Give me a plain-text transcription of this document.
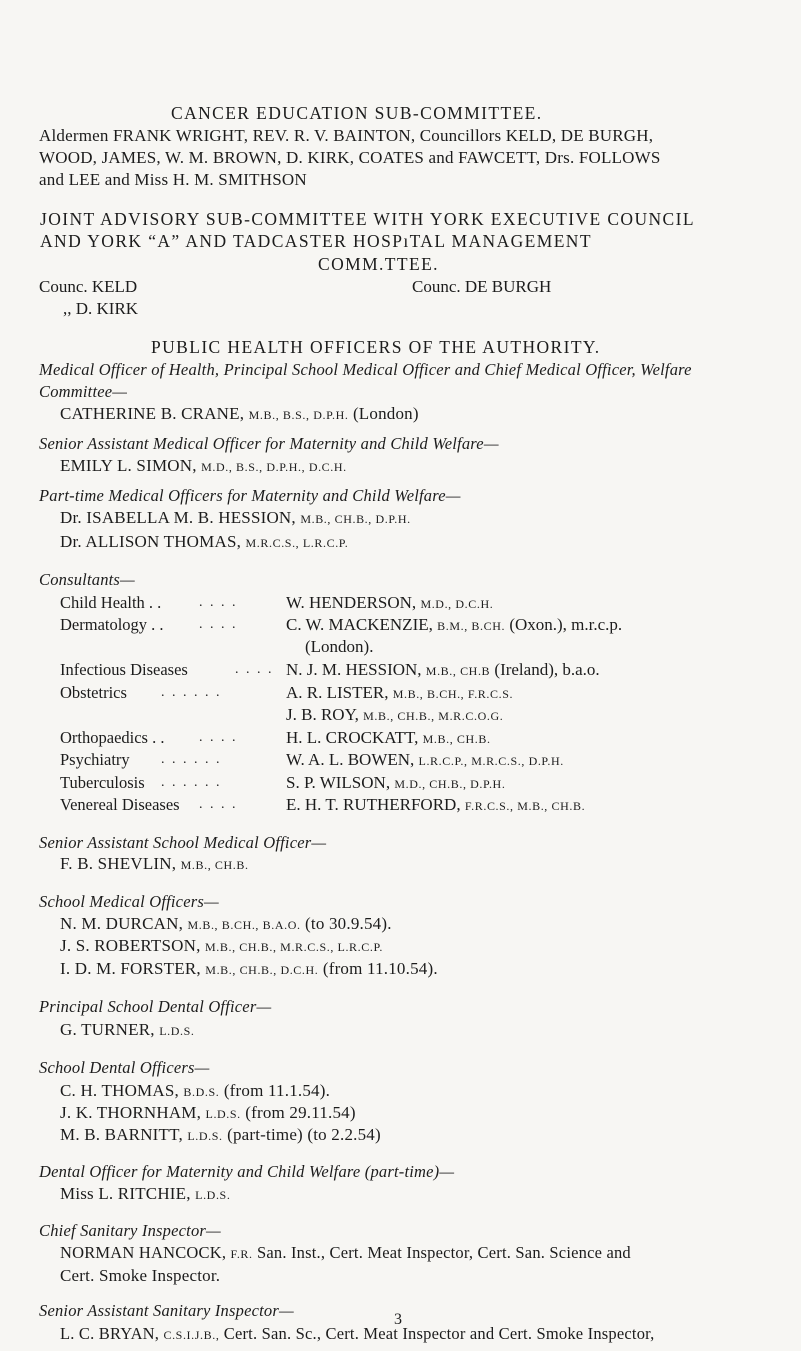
CANCER EDUCATION SUB-COMMITTEE.
Aldermen FRANK WRIGHT, REV. R. V. BAINTON, Councillors KELD, DE BURGH,
WOOD, JAMES, W. M. BROWN, D. KIRK, COATES and FAWCETT, Drs. FOLLOWS
and LEE and Miss H. M. SMITHSON
JOINT ADVISORY SUB-COMMITTEE WITH YORK EXECUTIVE COUNCIL
AND YORK “A” AND TADCASTER HOSPıTAL MANAGEMENT
COMM.TTEE.
Counc. KELD	Counc. DE BURGH
,, D. KIRK
PUBLIC HEALTH OFFICERS OF THE AUTHORITY.
Medical Officer of Health, Principal School Medical Officer and Chief Medical Officer, Welfare
Committee—
CATHERINE B. CRANE, M.B., B.S., D.P.H. (London)
Senior Assistant Medical Officer for Maternity and Child Welfare—
EMILY L. SIMON, M.D., B.S., D.P.H., D.C.H.
Part-time Medical Officers for Maternity and Child Welfare—
Dr. ISABELLA M. B. HESSION, M.B., CH.B., D.P.H.
Dr. ALLISON THOMAS, M.R.C.S., L.R.C.P.
Consultants—
Child Health . .	. . . .	W. HENDERSON, M.D., D.C.H.
Dermatology . .	. . . .	C. W. MACKENZIE, B.M., B.CH. (Oxon.), m.r.c.p.
(London).
Infectious Diseases	. . . . N. J. M. HESSION, M.B., CH.B (Ireland), b.a.o.
Obstetrics . . . . . .	A. R. LISTER, M.B., B.CH., F.R.C.S.
J. B. ROY, M.B., CH.B., M.R.C.O.G.
Orthopaedics . . . . . .	H. L. CROCKATT, M.B., CH.B.
Psychiatry . . . . . .	W. A. L. BOWEN, L.R.C.P., M.R.C.S., D.P.H.
Tuberculosis . . . . . .	S. P. WILSON, M.D., CH.B., D.P.H.
Venereal Diseases . . . .	E. H. T. RUTHERFORD, F.R.C.S., M.B., CH.B.
Senior Assistant School Medical Officer—
F. B. SHEVLIN, M.B., CH.B.
School Medical Officers—
N. M. DURCAN, M.B., B.CH., B.A.O. (to 30.9.54).
J. S. ROBERTSON, M.B., CH.B., M.R.C.S., L.R.C.P.
I. D. M. FORSTER, M.B., CH.B., D.C.H. (from 11.10.54).
Principal School Dental Officer—
G. TURNER, L.D.S.
School Dental Officers—
C. H. THOMAS, B.D.S. (from 11.1.54).
J. K. THORNHAM, L.D.S. (from 29.11.54)
M. B. BARNITT, L.D.S. (part-time) (to 2.2.54)
Dental Officer for Maternity and Child Welfare (part-time)—
Miss L. RITCHIE, L.D.S.
Chief Sanitary Inspector—
NORMAN HANCOCK, F.R. San. Inst., Cert. Meat Inspector, Cert. San. Science and
Cert. Smoke Inspector.
Senior Assistant Sanitary Inspector—
L. C. BRYAN, C.S.I.J.B., Cert. San. Sc., Cert. Meat Inspector and Cert. Smoke Inspector,
3
